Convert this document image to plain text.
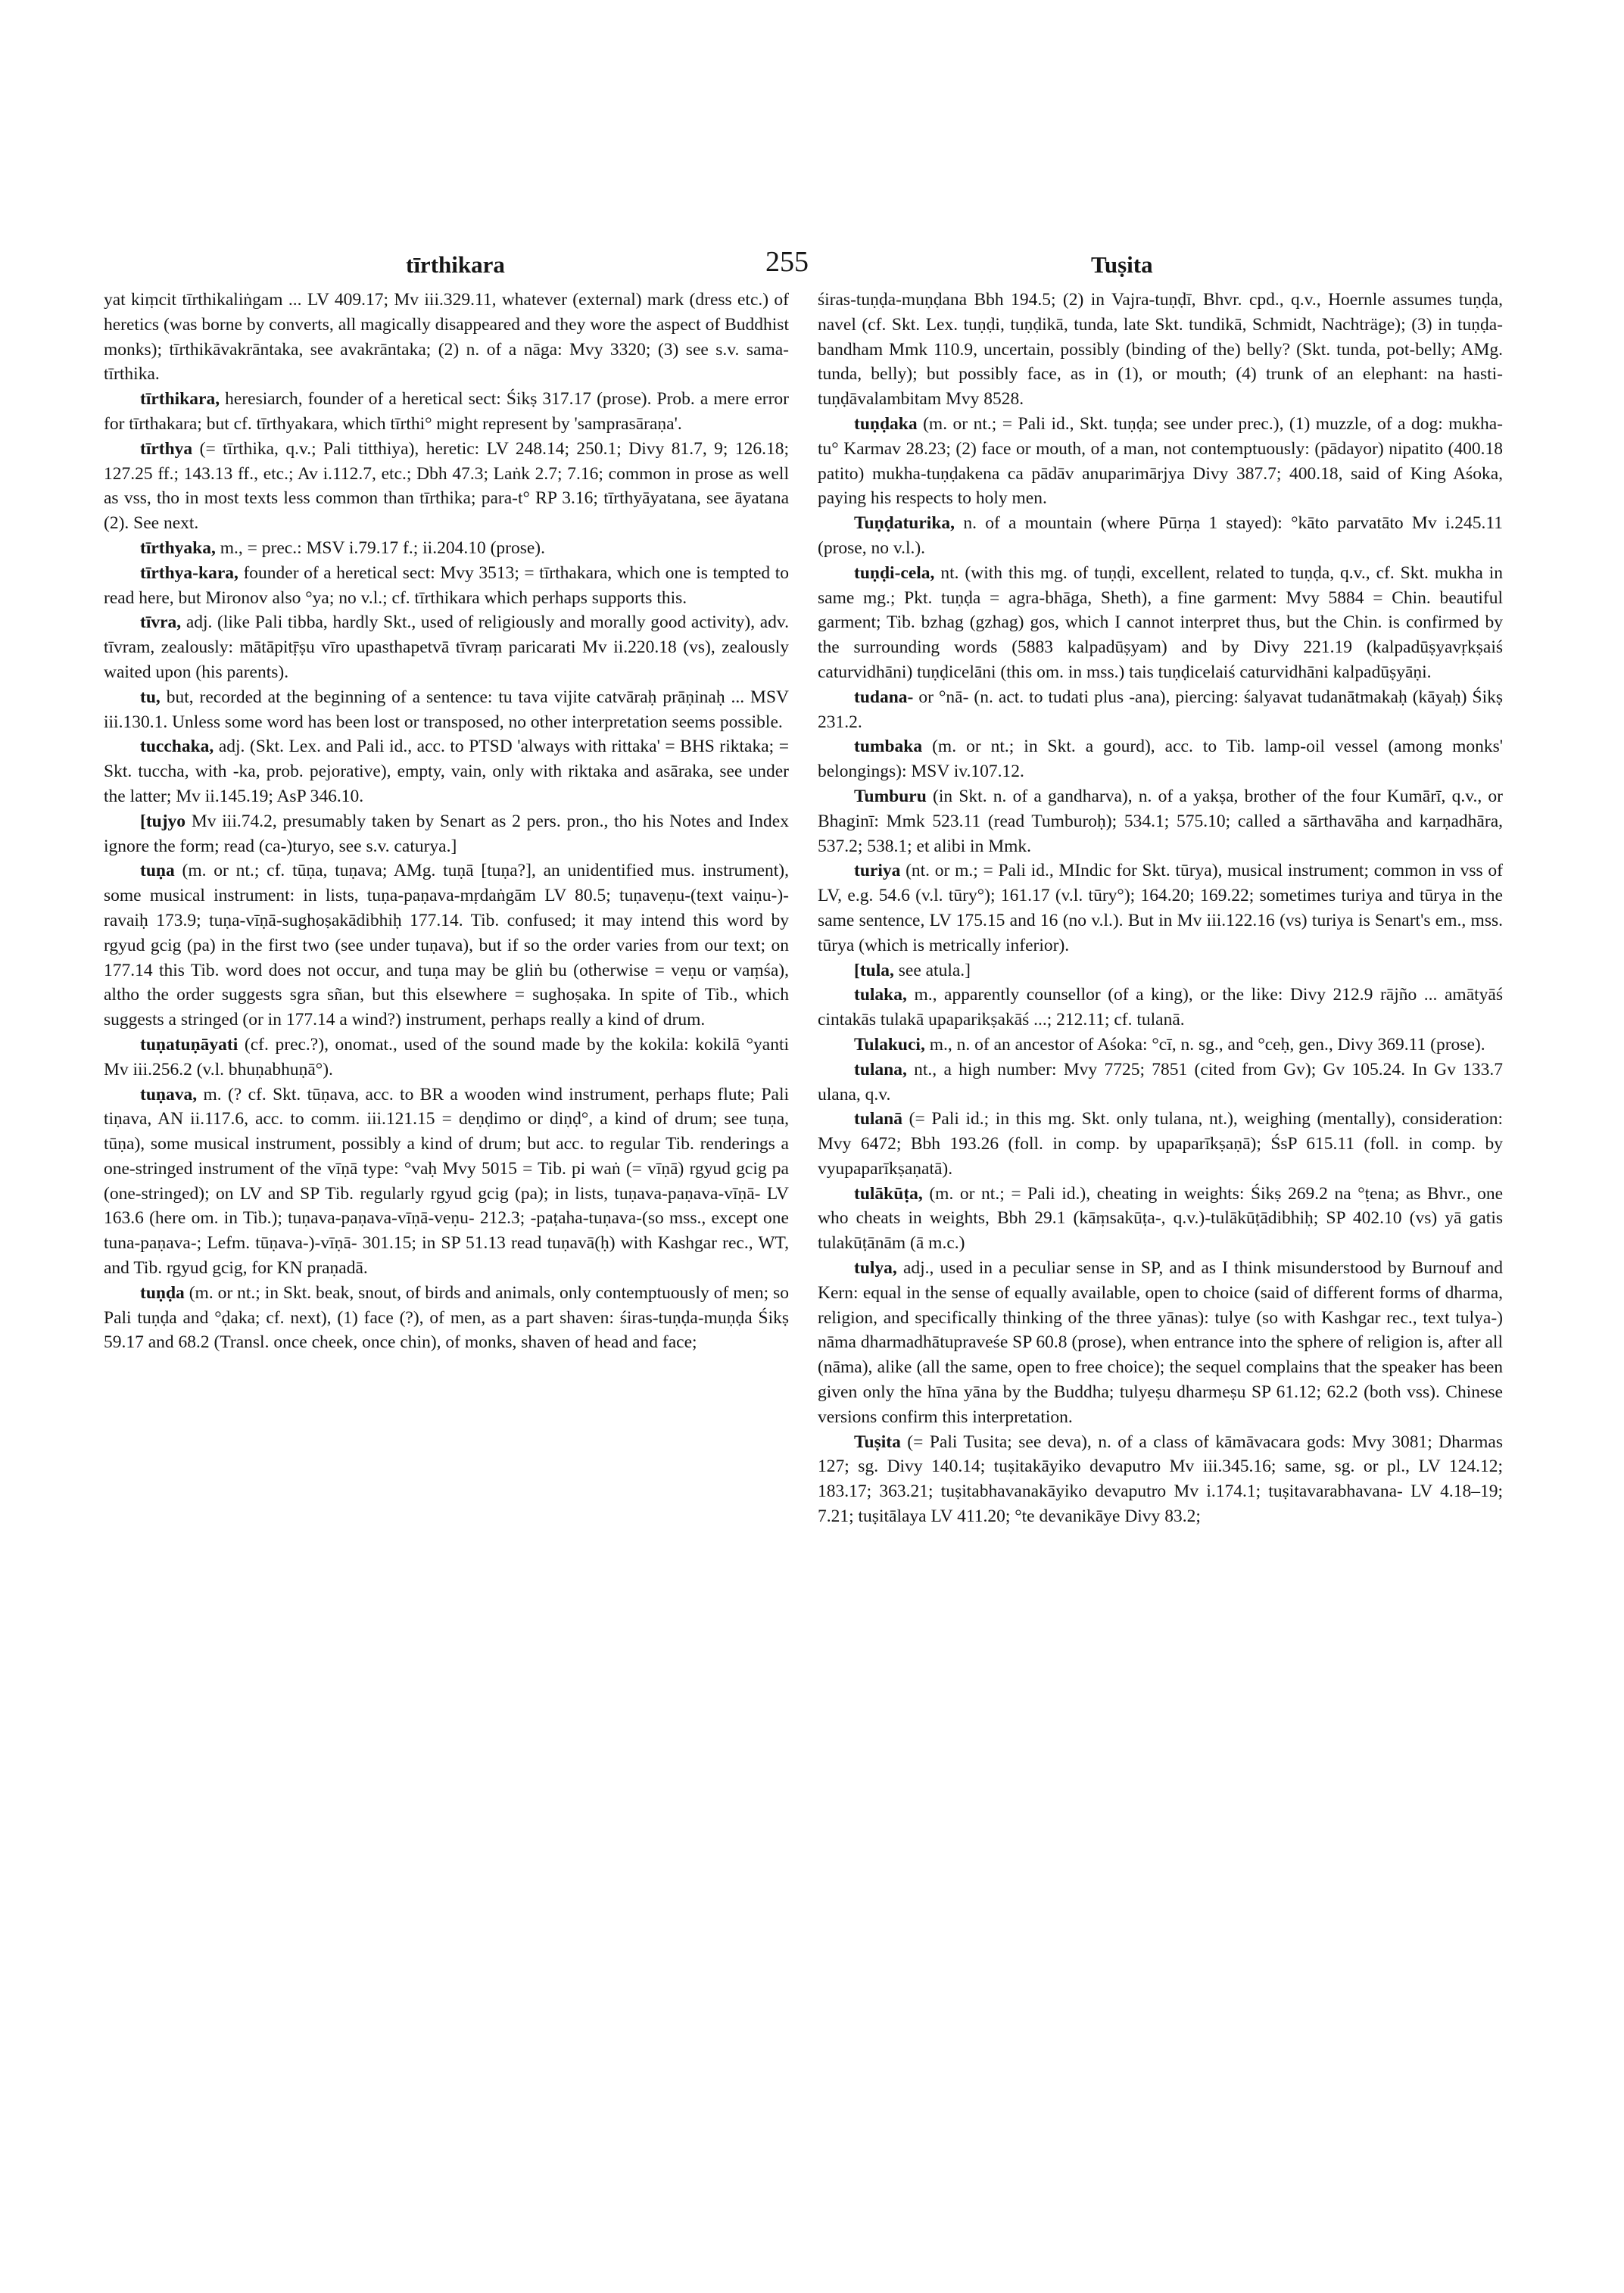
tīrthikara	255	Tuṣita

yat kiṃcit tīrthikaliṅgam ... LV 409.17; Mv iii.329.11, whatever (external) mark (dress etc.) of heretics (was borne by converts, all magically disappeared and they wore the aspect of Buddhist monks); tīrthikāvakrāntaka, see avakrāntaka; (2) n. of a nāga: Mvy 3320; (3) see s.v. sama-tīrthika.

tīrthikara, heresiarch, founder of a heretical sect: Śikṣ 317.17 (prose). Prob. a mere error for tīrthakara; but cf. tīrthyakara, which tīrthi° might represent by 'samprasāraṇa'.

tīrthya (= tīrthika, q.v.; Pali titthiya), heretic: LV 248.14; 250.1; Divy 81.7, 9; 126.18; 127.25 ff.; 143.13 ff., etc.; Av i.112.7, etc.; Dbh 47.3; Laṅk 2.7; 7.16; common in prose as well as vss, tho in most texts less common than tīrthika; para-t° RP 3.16; tīrthyāyatana, see āyatana (2). See next.

tīrthyaka, m., = prec.: MSV i.79.17 f.; ii.204.10 (prose).

tīrthya-kara, founder of a heretical sect: Mvy 3513; = tīrthakara, which one is tempted to read here, but Mironov also °ya; no v.l.; cf. tīrthikara which perhaps supports this.

tīvra, adj. (like Pali tibba, hardly Skt., used of religiously and morally good activity), adv. tīvram, zealously: mātāpitṝṣu vīro upasthapetvā tīvraṃ paricarati Mv ii.220.18 (vs), zealously waited upon (his parents).

tu, but, recorded at the beginning of a sentence: tu tava vijite catvāraḥ prāṇinaḥ ... MSV iii.130.1. Unless some word has been lost or transposed, no other interpretation seems possible.

tucchaka, adj. (Skt. Lex. and Pali id., acc. to PTSD 'always with rittaka' = BHS riktaka; = Skt. tuccha, with -ka, prob. pejorative), empty, vain, only with riktaka and asāraka, see under the latter; Mv ii.145.19; AsP 346.10.

[tujyo Mv iii.74.2, presumably taken by Senart as 2 pers. pron., tho his Notes and Index ignore the form; read (ca-)turyo, see s.v. caturya.]

tuṇa (m. or nt.; cf. tūṇa, tuṇava; AMg. tuṇā [tuṇa?], an unidentified mus. instrument), some musical instrument: in lists, tuṇa-paṇava-mṛdaṅgām LV 80.5; tuṇaveṇu-(text vaiṇu-)-ravaiḥ 173.9; tuṇa-vīṇā-sughoṣakādibhiḥ 177.14. Tib. confused; it may intend this word by rgyud gcig (pa) in the first two (see under tuṇava), but if so the order varies from our text; on 177.14 this Tib. word does not occur, and tuṇa may be gliṅ bu (otherwise = veṇu or vaṃśa), altho the order suggests sgra sñan, but this elsewhere = sughoṣaka. In spite of Tib., which suggests a stringed (or in 177.14 a wind?) instrument, perhaps really a kind of drum.

tuṇatuṇāyati (cf. prec.?), onomat., used of the sound made by the kokila: kokilā °yanti Mv iii.256.2 (v.l. bhuṇabhuṇā°).

tuṇava, m. (? cf. Skt. tūṇava, acc. to BR a wooden wind instrument, perhaps flute; Pali tiṇava, AN ii.117.6, acc. to comm. iii.121.15 = deṇḍimo or diṇḍ°, a kind of drum; see tuṇa, tūṇa), some musical instrument, possibly a kind of drum; but acc. to regular Tib. renderings a one-stringed instrument of the vīṇā type: °vaḥ Mvy 5015 = Tib. pi waṅ (= vīṇā) rgyud gcig pa (one-stringed); on LV and SP Tib. regularly rgyud gcig (pa); in lists, tuṇava-paṇava-vīṇā- LV 163.6 (here om. in Tib.); tuṇava-paṇava-vīṇā-veṇu- 212.3; -paṭaha-tuṇava-(so mss., except one tuna-paṇava-; Lefm. tūṇava-)-vīṇā- 301.15; in SP 51.13 read tuṇavā(ḥ) with Kashgar rec., WT, and Tib. rgyud gcig, for KN praṇadā.

tuṇḍa (m. or nt.; in Skt. beak, snout, of birds and animals, only contemptuously of men; so Pali tuṇḍa and °ḍaka; cf. next), (1) face (?), of men, as a part shaven: śiras-tuṇḍa-muṇḍa Śikṣ 59.17 and 68.2 (Transl. once cheek, once chin), of monks, shaven of head and face;

śiras-tuṇḍa-muṇḍana Bbh 194.5; (2) in Vajra-tuṇḍī, Bhvr. cpd., q.v., Hoernle assumes tuṇḍa, navel (cf. Skt. Lex. tuṇḍi, tuṇḍikā, tunda, late Skt. tundikā, Schmidt, Nachträge); (3) in tuṇḍa-bandham Mmk 110.9, uncertain, possibly (binding of the) belly? (Skt. tunda, pot-belly; AMg. tunda, belly); but possibly face, as in (1), or mouth; (4) trunk of an elephant: na hasti-tuṇḍāvalambitam Mvy 8528.

tuṇḍaka (m. or nt.; = Pali id., Skt. tuṇḍa; see under prec.), (1) muzzle, of a dog: mukha-tu° Karmav 28.23; (2) face or mouth, of a man, not contemptuously: (pādayor) nipatito (400.18 patito) mukha-tuṇḍakena ca pādāv anuparimārjya Divy 387.7; 400.18, said of King Aśoka, paying his respects to holy men.

Tuṇḍaturika, n. of a mountain (where Pūrṇa 1 stayed): °kāto parvatāto Mv i.245.11 (prose, no v.l.).

tuṇḍi-cela, nt. (with this mg. of tuṇḍi, excellent, related to tuṇḍa, q.v., cf. Skt. mukha in same mg.; Pkt. tuṇḍa = agra-bhāga, Sheth), a fine garment: Mvy 5884 = Chin. beautiful garment; Tib. bzhag (gzhag) gos, which I cannot interpret thus, but the Chin. is confirmed by the surrounding words (5883 kalpadūṣyam) and by Divy 221.19 (kalpadūṣyavṛkṣaiś caturvidhāni) tuṇḍicelāni (this om. in mss.) tais tuṇḍicelaiś caturvidhāni kalpadūṣyāṇi.

tudana- or °nā- (n. act. to tudati plus -ana), piercing: śalyavat tudanātmakaḥ (kāyaḥ) Śikṣ 231.2.

tumbaka (m. or nt.; in Skt. a gourd), acc. to Tib. lamp-oil vessel (among monks' belongings): MSV iv.107.12.

Tumburu (in Skt. n. of a gandharva), n. of a yakṣa, brother of the four Kumārī, q.v., or Bhaginī: Mmk 523.11 (read Tumburoḥ); 534.1; 575.10; called a sārthavāha and karṇadhāra, 537.2; 538.1; et alibi in Mmk.

turiya (nt. or m.; = Pali id., MIndic for Skt. tūrya), musical instrument; common in vss of LV, e.g. 54.6 (v.l. tūry°); 161.17 (v.l. tūry°); 164.20; 169.22; sometimes turiya and tūrya in the same sentence, LV 175.15 and 16 (no v.l.). But in Mv iii.122.16 (vs) turiya is Senart's em., mss. tūrya (which is metrically inferior).

[tula, see atula.]

tulaka, m., apparently counsellor (of a king), or the like: Divy 212.9 rājño ... amātyāś cintakās tulakā upaparikṣakāś ...; 212.11; cf. tulanā.

Tulakuci, m., n. of an ancestor of Aśoka: °cī, n. sg., and °ceḥ, gen., Divy 369.11 (prose).

tulana, nt., a high number: Mvy 7725; 7851 (cited from Gv); Gv 105.24. In Gv 133.7 ulana, q.v.

tulanā (= Pali id.; in this mg. Skt. only tulana, nt.), weighing (mentally), consideration: Mvy 6472; Bbh 193.26 (foll. in comp. by upaparīkṣaṇā); ŚsP 615.11 (foll. in comp. by vyupaparīkṣaṇatā).

tulākūṭa, (m. or nt.; = Pali id.), cheating in weights: Śikṣ 269.2 na °ṭena; as Bhvr., one who cheats in weights, Bbh 29.1 (kāṃsakūṭa-, q.v.)-tulākūṭādibhiḥ; SP 402.10 (vs) yā gatis tulakūṭānām (ā m.c.)

tulya, adj., used in a peculiar sense in SP, and as I think misunderstood by Burnouf and Kern: equal in the sense of equally available, open to choice (said of different forms of dharma, religion, and specifically thinking of the three yānas): tulye (so with Kashgar rec., text tulya-) nāma dharmadhātupraveśe SP 60.8 (prose), when entrance into the sphere of religion is, after all (nāma), alike (all the same, open to free choice); the sequel complains that the speaker has been given only the hīna yāna by the Buddha; tulyeṣu dharmeṣu SP 61.12; 62.2 (both vss). Chinese versions confirm this interpretation.

Tuṣita (= Pali Tusita; see deva), n. of a class of kāmāvacara gods: Mvy 3081; Dharmas 127; sg. Divy 140.14; tuṣitakāyiko devaputro Mv iii.345.16; same, sg. or pl., LV 124.12; 183.17; 363.21; tuṣitabhavanakāyiko devaputro Mv i.174.1; tuṣitavarabhavana- LV 4.18–19; 7.21; tuṣitālaya LV 411.20; °te devanikāye Divy 83.2;
